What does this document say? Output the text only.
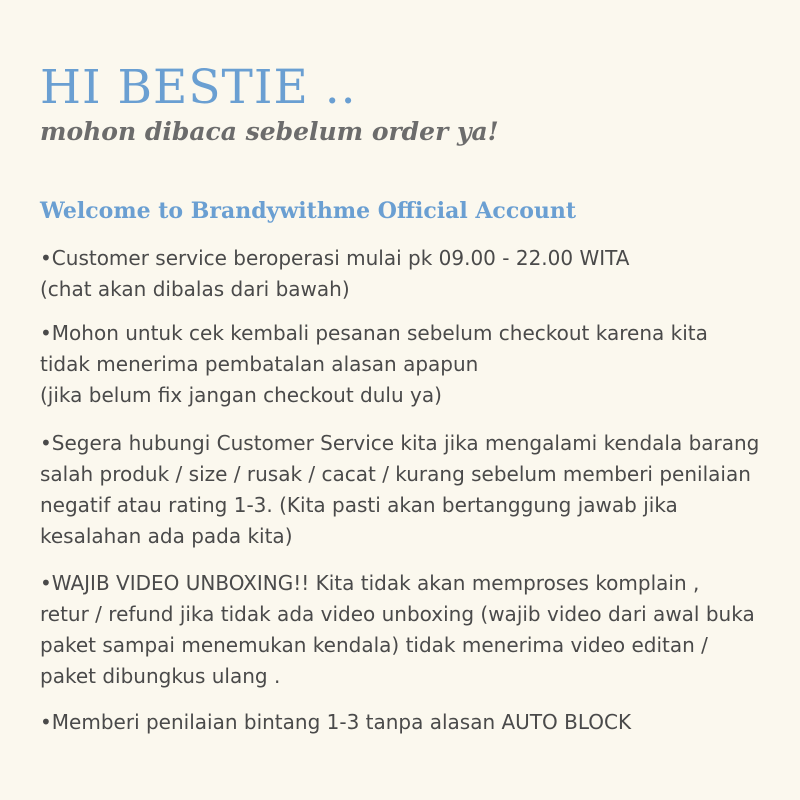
HI BESTIE ..
mohon dibaca sebelum order ya!
Welcome to Brandywithme Official Account

•Customer service beroperasi mulai pk 09.00 - 22.00 WITA
(chat akan dibalas dari bawah)

•Mohon untuk cek kembali pesanan sebelum checkout karena kita
tidak menerima pembatalan alasan apapun
(jika belum fix jangan checkout dulu ya)

•Segera hubungi Customer Service kita jika mengalami kendala barang
salah produk / size / rusak / cacat / kurang sebelum memberi penilaian
negatif atau rating 1-3. (Kita pasti akan bertanggung jawab jika
kesalahan ada pada kita)

•WAJIB VIDEO UNBOXING!! Kita tidak akan memproses komplain ,
retur / refund jika tidak ada video unboxing (wajib video dari awal buka
paket sampai menemukan kendala) tidak menerima video editan /
paket dibungkus ulang .

•Memberi penilaian bintang 1-3 tanpa alasan AUTO BLOCK
